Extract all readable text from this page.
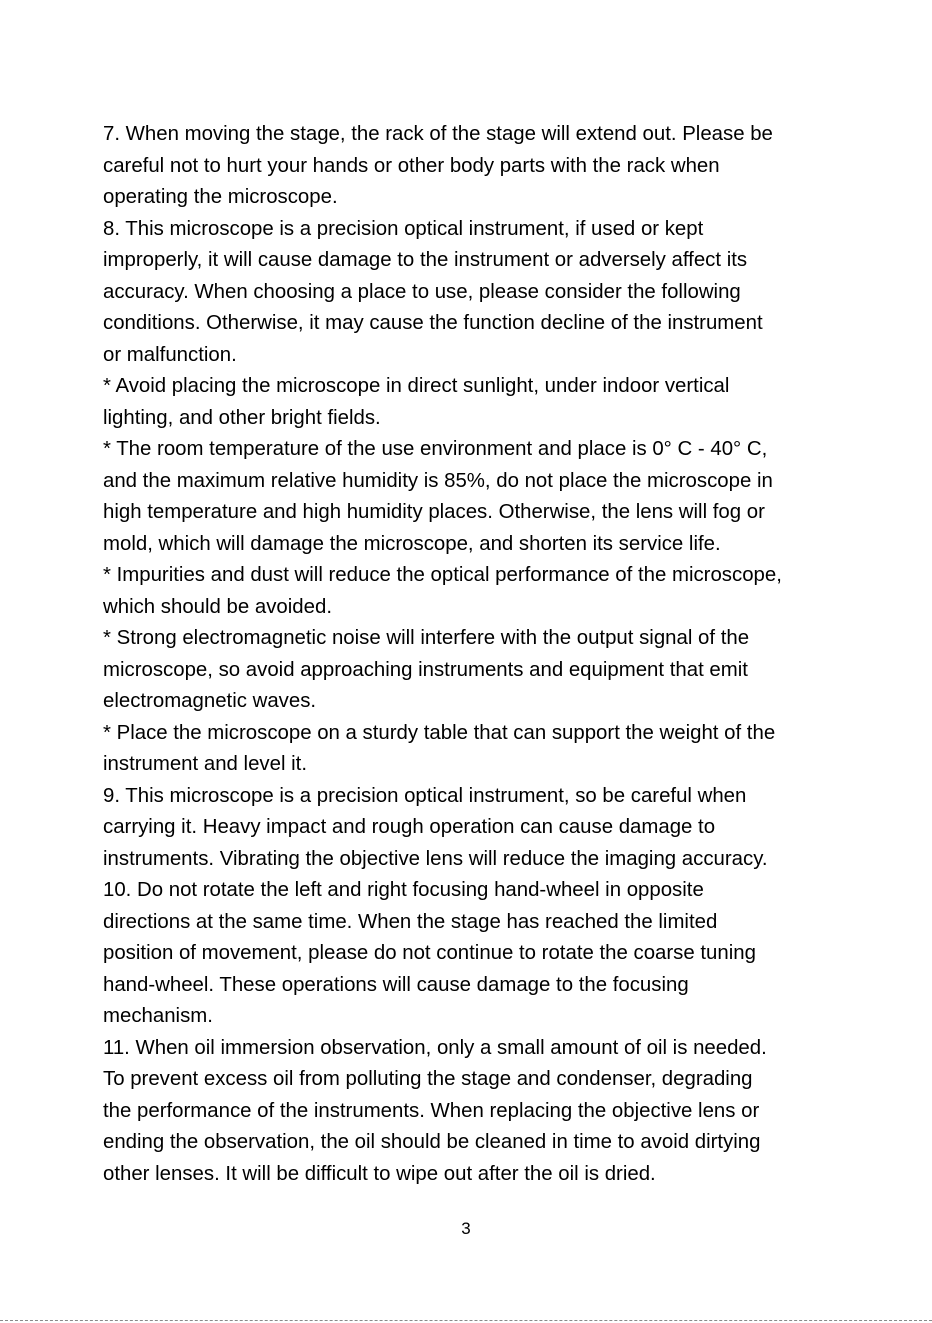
7. When moving the stage, the rack of the stage will extend out. Please be
careful not to hurt your hands or other body parts with the rack when
operating the microscope.
8. This microscope is a precision optical instrument, if used or kept
improperly, it will cause damage to the instrument or adversely affect its
accuracy. When choosing a place to use, please consider the following
conditions. Otherwise, it may cause the function decline of the instrument
or malfunction.
* Avoid placing the microscope in direct sunlight, under indoor vertical
lighting, and other bright fields.
* The room temperature of the use environment and place is 0° C - 40° C,
and the maximum relative humidity is 85%, do not place the microscope in
high temperature and high humidity places. Otherwise, the lens will fog or
mold, which will damage the microscope, and shorten its service life.
* Impurities and dust will reduce the optical performance of the microscope,
which should be avoided.
* Strong electromagnetic noise will interfere with the output signal of the
microscope, so avoid approaching instruments and equipment that emit
electromagnetic waves.
* Place the microscope on a sturdy table that can support the weight of the
instrument and level it.
9. This microscope is a precision optical instrument, so be careful when
carrying it. Heavy impact and rough operation can cause damage to
instruments. Vibrating the objective lens will reduce the imaging accuracy.
10. Do not rotate the left and right focusing hand-wheel in opposite
directions at the same time. When the stage has reached the limited
position of movement, please do not continue to rotate the coarse tuning
hand-wheel. These operations will cause damage to the focusing
mechanism.
11. When oil immersion observation, only a small amount of oil is needed.
To prevent excess oil from polluting the stage and condenser, degrading
the performance of the instruments. When replacing the objective lens or
ending the observation, the oil should be cleaned in time to avoid dirtying
other lenses. It will be difficult to wipe out after the oil is dried.
3
